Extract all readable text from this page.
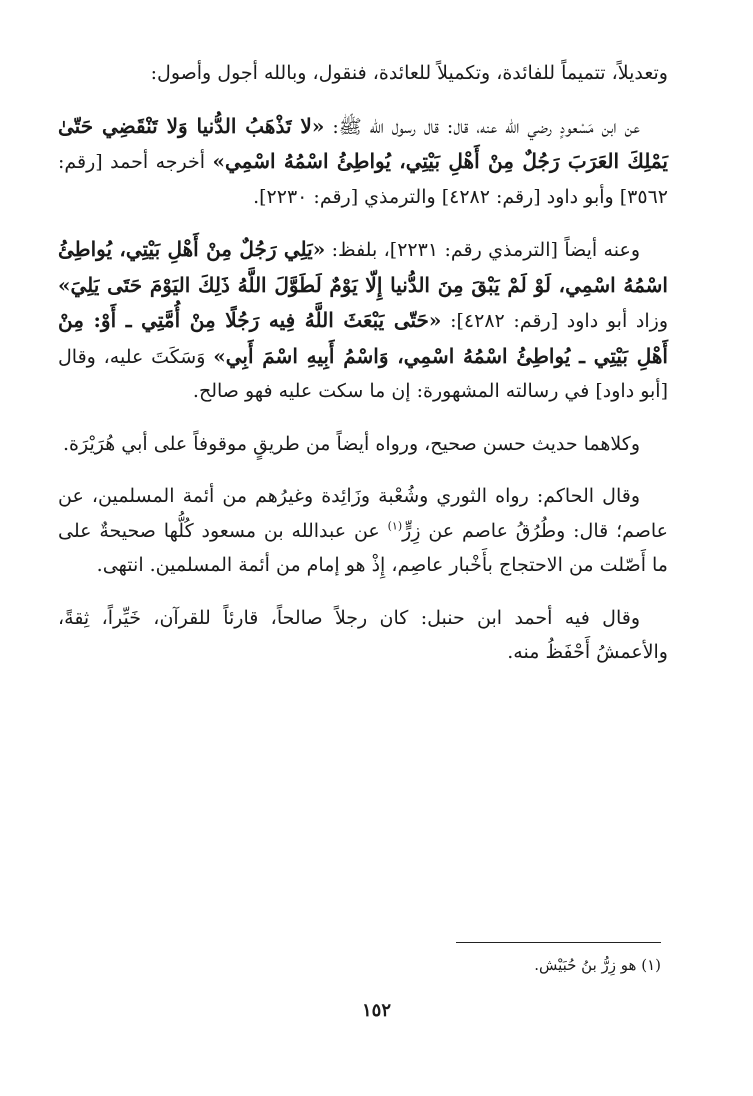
وتعديلاً، تتميماً للفائدة، وتكميلاً للعائدة، فنقول، وبالله أجول وأصول:

عن ابن مَسْعودٍ رضي الله عنه، قال: قال رسول الله ﷺ: «لا تَذْهَبُ الدُّنيا وَلا تَنْقَضِي حَتّىٰ يَمْلِكَ العَرَبَ رَجُلٌ مِنْ أَهْلِ بَيْتِي، يُواطِئُ اسْمُهُ اسْمِي» أخرجه أحمد [رقم: ٣٥٦٢] وأبو داود [رقم: ٤٢٨٢] والترمذي [رقم: ٢٢٣٠].

وعنه أيضاً [الترمذي رقم: ٢٢٣١]، بلفظ: «يَلِي رَجُلٌ مِنْ أَهْلِ بَيْتِي، يُواطِئُ اسْمُهُ اسْمِي، لَوْ لَمْ يَبْقَ مِنَ الدُّنيا إِلّا يَوْمٌ لَطَوَّلَ اللَّهُ ذَلِكَ اليَوْمَ حَتَى يَلِيَ» وزاد أبو داود [رقم: ٤٢٨٢]: «حَتّى يَبْعَثَ اللَّهُ فِيه رَجُلًا مِنْ أُمَّتِي ـ أَوْ: مِنْ أَهْلِ بَيْتِي ـ يُواطِئُ اسْمُهُ اسْمِي، وَاسْمُ أَبِيهِ اسْمَ أَبِي» وَسَكَتَ عليه، وقال [أبو داود] في رسالته المشهورة: إن ما سكت عليه فهو صالح.

وكلاهما حديث حسن صحيح، ورواه أيضاً من طريقٍ موقوفاً على أبي هُرَيْرَة.

وقال الحاكم: رواه الثوري وشُعْبة وزَائِدة وغيرُهم من أئمة المسلمين، عن عاصم؛ قال: وطُرُقُ عاصم عن زِرٍّ$^{(١)}$ عن عبدالله بن مسعود كُلُّها صحيحةٌ على ما أَصّلت من الاحتجاج بأَخْبار عاصِم، إِذْ هو إمام من أئمة المسلمين. انتهى.

وقال فيه أحمد ابن حنبل: كان رجلاً صالحاً، قارئاً للقرآن، خَيِّراً، ثِقةً، والأعمشُ أَحْفَظُ منه.

(١) هو زِرُّ بنُ حُبَيْش.
١٥٢
